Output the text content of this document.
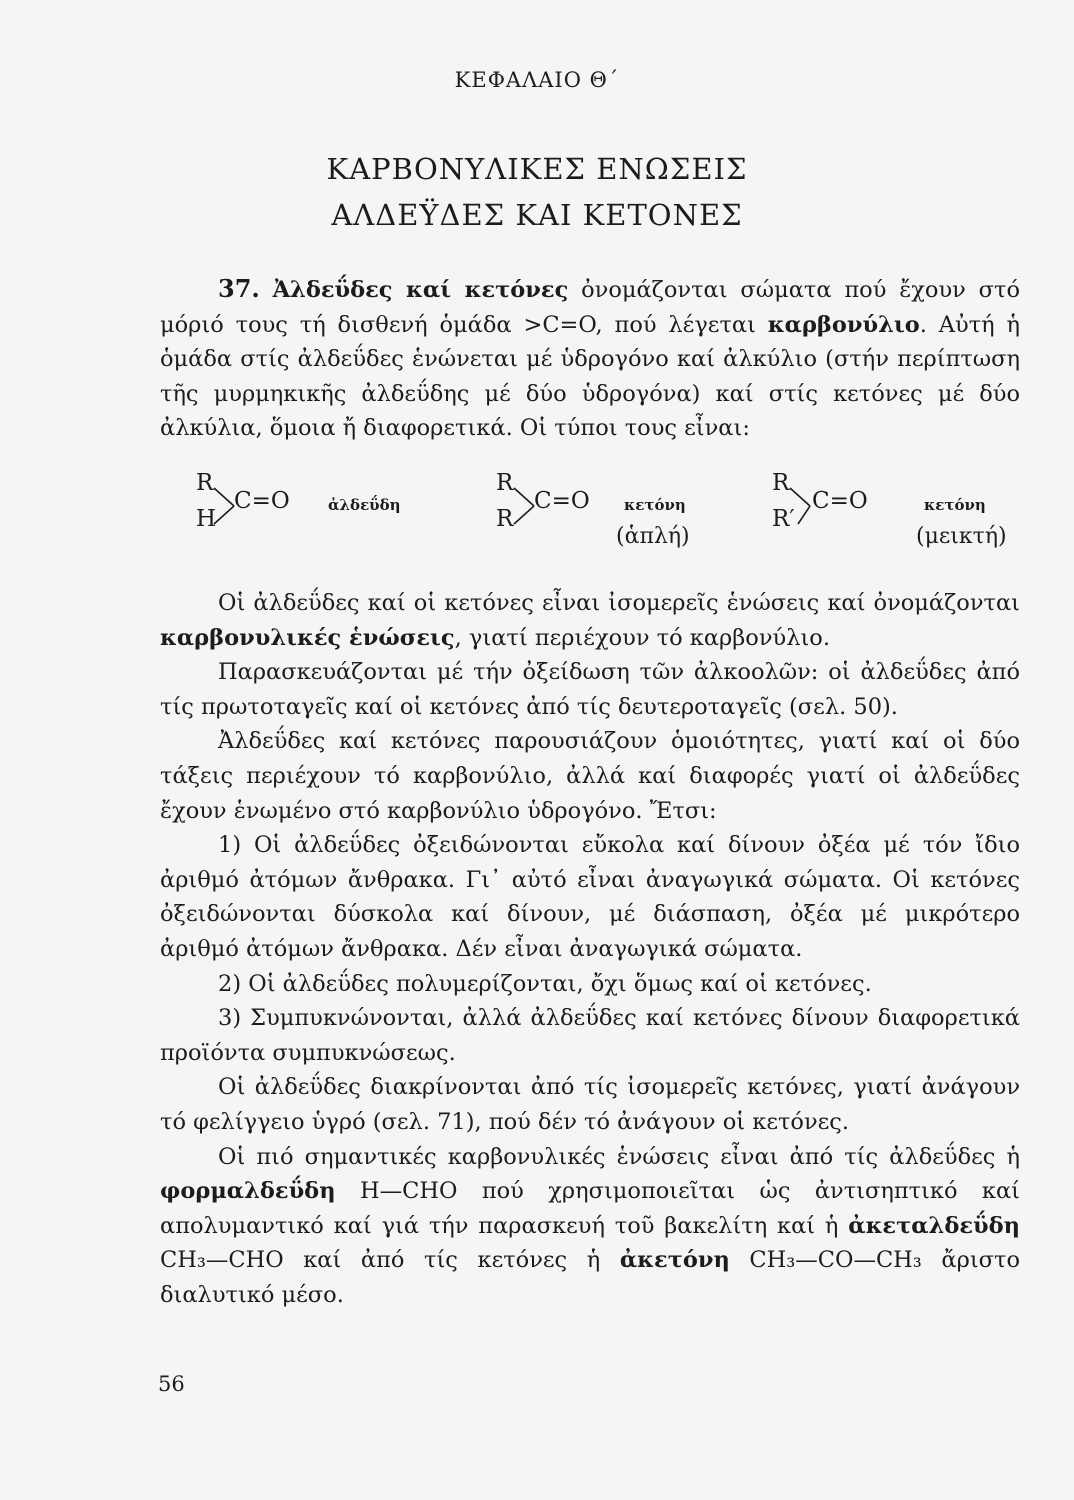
ΚΕΦΑΛΑΙΟ Θ΄
ΚΑΡΒΟΝΥΛΙΚΕΣ ΕΝΩΣΕΙΣ
ΑΛΔΕΫΔΕΣ ΚΑΙ ΚΕΤΟΝΕΣ

37. Ἀλδεΰδες καί κετόνες ὀνομάζονται σώματα πού ἔχουν στό μόριό τους τή δισθενή ὁμάδα >C=O, πού λέγεται καρβονύλιο. Αὐτή ἡ ὁμάδα στίς ἀλδεΰδες ἑνώνεται μέ ὑδρογόνο καί ἀλκύλιο (στήν περίπτωση τῆς μυρμηκικῆς ἀλδεΰδης μέ δύο ὑδρογόνα) καί στίς κετόνες μέ δύο ἀλκύλια, ὅμοια ἤ διαφορετικά. Οἱ τύποι τους εἶναι:

R
H
C=O	ἀλδεΰδη
R
R
C=O κετόνη
(ἁπλή)
R
R′
C=O	κετόνη
(μεικτή)

Οἱ ἀλδεΰδες καί οἱ κετόνες εἶναι ἰσομερεῖς ἑνώσεις καί ὀνομάζονται καρβονυλικές ἑνώσεις, γιατί περιέχουν τό καρβονύλιο.

Παρασκευάζονται μέ τήν ὀξείδωση τῶν ἀλκοολῶν: οἱ ἀλδεΰδες ἀπό τίς πρωτοταγεῖς καί οἱ κετόνες ἀπό τίς δευτεροταγεῖς (σελ. 50).

Ἀλδεΰδες καί κετόνες παρουσιάζουν ὁμοιότητες, γιατί καί οἱ δύο τάξεις περιέχουν τό καρβονύλιο, ἀλλά καί διαφορές γιατί οἱ ἀλδεΰδες ἔχουν ἑνωμένο στό καρβονύλιο ὑδρογόνο. Ἔτσι:

1) Οἱ ἀλδεΰδες ὀξειδώνονται εὔκολα καί δίνουν ὀξέα μέ τόν ἴδιο ἀριθμό ἀτόμων ἄνθρακα. Γι᾽ αὐτό εἶναι ἀναγωγικά σώματα. Οἱ κετόνες ὀξειδώνονται δύσκολα καί δίνουν, μέ διάσπαση, ὀξέα μέ μικρότερο ἀριθμό ἀτόμων ἄνθρακα. Δέν εἶναι ἀναγωγικά σώματα.

2) Οἱ ἀλδεΰδες πολυμερίζονται, ὄχι ὅμως καί οἱ κετόνες.

3) Συμπυκνώνονται, ἀλλά ἀλδεΰδες καί κετόνες δίνουν διαφορετικά προϊόντα συμπυκνώσεως.

Οἱ ἀλδεΰδες διακρίνονται ἀπό τίς ἰσομερεῖς κετόνες, γιατί ἀνάγουν τό φελίγγειο ὑγρό (σελ. 71), πού δέν τό ἀνάγουν οἱ κετόνες.

Οἱ πιό σημαντικές καρβονυλικές ἑνώσεις εἶναι ἀπό τίς ἀλδεΰδες ἡ φορμαλδεΰδη H—CHO πού χρησιμοποιεῖται ὡς ἀντισηπτικό καί απολυμαντικό καί γιά τήν παρασκευή τοῦ βακελίτη καί ἡ ἀκεταλδεΰδη CH₃—CHO καί ἀπό τίς κετόνες ἡ ἀκετόνη CH₃—CO—CH₃ ἄριστο διαλυτικό μέσο.

56
